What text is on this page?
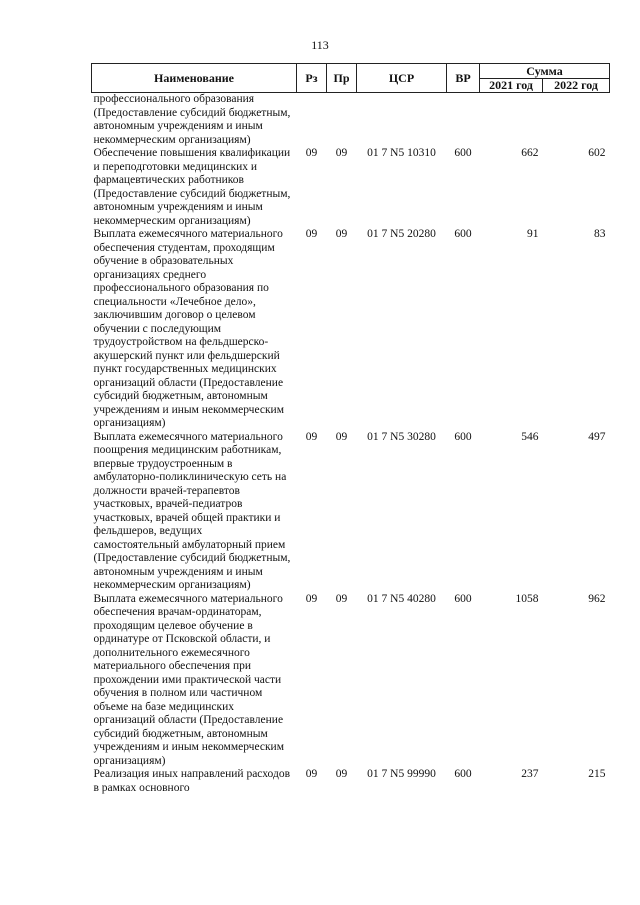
113
Наименование	Рз	Пр	ЦСР	ВР	Сумма	
					2021 год	2022 год
профессионального образования (Предоставление субсидий бюджетным, автономным учреждениям и иным некоммерческим организациям)						
Обеспечение повышения квалификации и переподготовки медицинских и фармацевтических работников (Предоставление субсидий бюджетным, автономным учреждениям и иным некоммерческим организациям)	09	09	01 7 N5 10310	600	662	602
Выплата ежемесячного материального обеспечения студентам, проходящим обучение в образовательных организациях среднего профессионального образования по специальности «Лечебное дело», заключившим договор о целевом обучении с последующим трудоустройством на фельдшерско-акушерский пункт или фельдшерский пункт государственных медицинских организаций области (Предоставление субсидий бюджетным, автономным учреждениям и иным некоммерческим организациям)	09	09	01 7 N5 20280	600	91	83
Выплата ежемесячного материального поощрения медицинским работникам, впервые трудоустроенным в амбулаторно-поликлиническую сеть на должности врачей-терапевтов участковых, врачей-педиатров участковых, врачей общей практики и фельдшеров, ведущих самостоятельный амбулаторный прием (Предоставление субсидий бюджетным, автономным учреждениям и иным некоммерческим организациям)	09	09	01 7 N5 30280	600	546	497
Выплата ежемесячного материального обеспечения врачам-ординаторам, проходящим целевое обучение в ординатуре от Псковской области, и дополнительного ежемесячного материального обеспечения при прохождении ими практической части обучения в полном или частичном объеме на базе медицинских организаций области (Предоставление субсидий бюджетным, автономным учреждениям и иным некоммерческим организациям)	09	09	01 7 N5 40280	600	1058	962
Реализация иных направлений расходов в рамках основного	09	09	01 7 N5 99990	600	237	215
